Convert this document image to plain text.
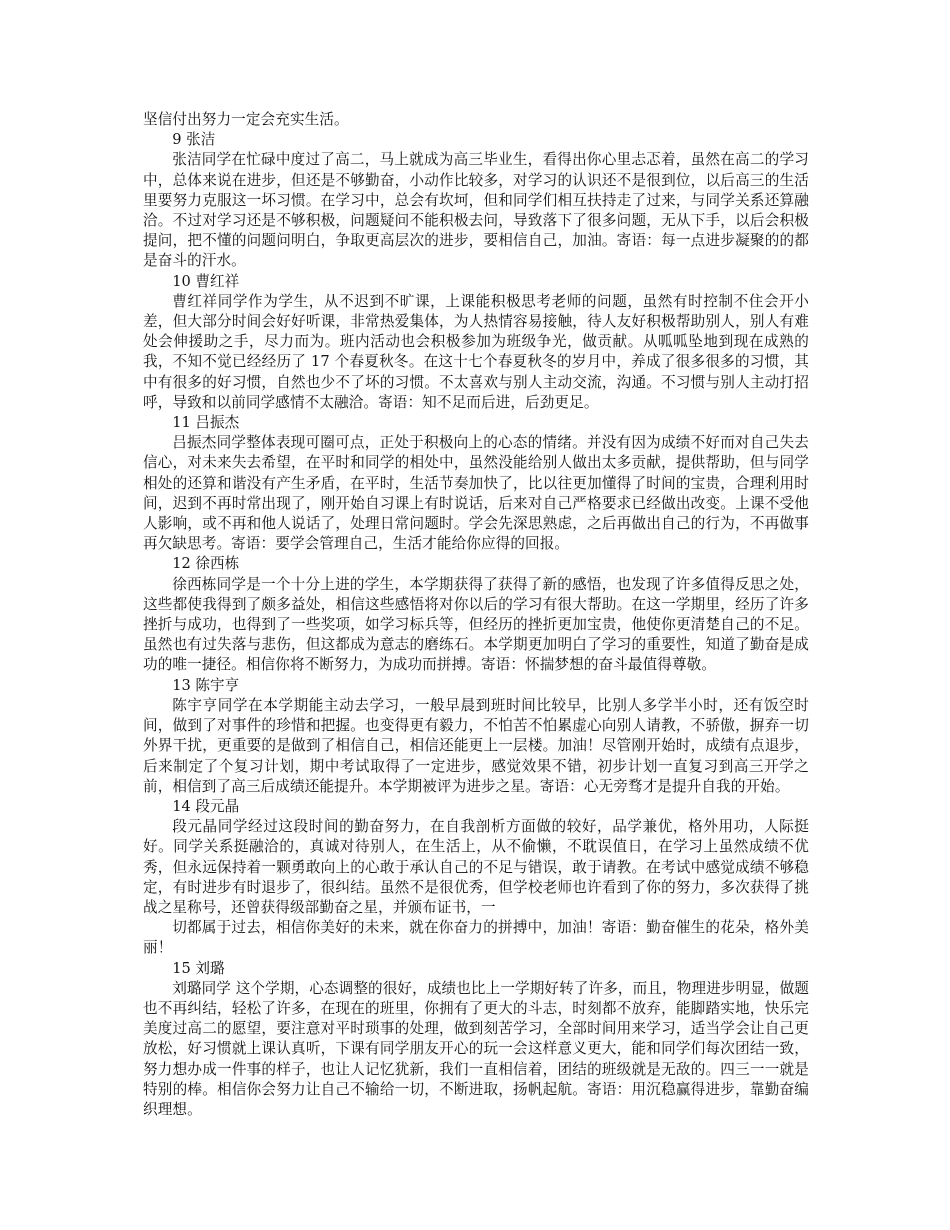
坚信付出努力一定会充实生活。

9 张洁

张洁同学在忙碌中度过了高二，马上就成为高三毕业生，看得出你心里忐忑着，虽然在高二的学习中，总体来说在进步，但还是不够勤奋，小动作比较多，对学习的认识还不是很到位，以后高三的生活里要努力克服这一坏习惯。在学习中，总会有坎坷，但和同学们相互扶持走了过来，与同学关系还算融洽。不过对学习还是不够积极，问题疑问不能积极去问，导致落下了很多问题，无从下手，以后会积极提问，把不懂的问题问明白，争取更高层次的进步，要相信自己，加油。寄语：每一点进步凝聚的的都是奋斗的汗水。

10 曹红祥

曹红祥同学作为学生，从不迟到不旷课，上课能积极思考老师的问题，虽然有时控制不住会开小差，但大部分时间会好好听课，非常热爱集体，为人热情容易接触，待人友好积极帮助别人，别人有难处会伸援助之手，尽力而为。班内活动也会积极参加为班级争光，做贡献。从呱呱坠地到现在成熟的我，不知不觉已经经历了 17 个春夏秋冬。在这十七个春夏秋冬的岁月中，养成了很多很多的习惯，其中有很多的好习惯，自然也少不了坏的习惯。不太喜欢与别人主动交流，沟通。不习惯与别人主动打招呼，导致和以前同学感情不太融洽。寄语：知不足而后进，后劲更足。

11 吕振杰

吕振杰同学整体表现可圈可点，正处于积极向上的心态的情绪。并没有因为成绩不好而对自己失去信心，对未来失去希望，在平时和同学的相处中，虽然没能给别人做出太多贡献，提供帮助，但与同学相处的还算和谐没有产生矛盾，在平时，生活节奏加快了，比以往更加懂得了时间的宝贵，合理利用时间，迟到不再时常出现了，刚开始自习课上有时说话，后来对自己严格要求已经做出改变。上课不受他人影响，或不再和他人说话了，处理日常问题时。学会先深思熟虑，之后再做出自己的行为，不再做事再欠缺思考。寄语：要学会管理自己，生活才能给你应得的回报。

12 徐西栋

徐西栋同学是一个十分上进的学生，本学期获得了获得了新的感悟，也发现了许多值得反思之处，这些都使我得到了颇多益处，相信这些感悟将对你以后的学习有很大帮助。在这一学期里，经历了许多挫折与成功，也得到了一些奖项，如学习标兵等，但经历的挫折更加宝贵，他使你更清楚自己的不足。虽然也有过失落与悲伤，但这都成为意志的磨练石。本学期更加明白了学习的重要性，知道了勤奋是成功的唯一捷径。相信你将不断努力，为成功而拼搏。寄语：怀揣梦想的奋斗最值得尊敬。

13 陈宇亨

陈宇亨同学在本学期能主动去学习，一般早晨到班时间比较早，比别人多学半小时，还有饭空时间，做到了对事件的珍惜和把握。也变得更有毅力，不怕苦不怕累虚心向别人请教，不骄傲，摒弃一切外界干扰，更重要的是做到了相信自己，相信还能更上一层楼。加油！尽管刚开始时，成绩有点退步，后来制定了个复习计划，期中考试取得了一定进步，感觉效果不错，初步计划一直复习到高三开学之前，相信到了高三后成绩还能提升。本学期被评为进步之星。寄语：心无旁骛才是提升自我的开始。

14 段元晶

段元晶同学经过这段时间的勤奋努力，在自我剖析方面做的较好，品学兼优，格外用功，人际挺好。同学关系挺融洽的，真诚对待别人，在生活上，从不偷懒，不耽误值日，在学习上虽然成绩不优秀，但永远保持着一颗勇敢向上的心敢于承认自己的不足与错误，敢于请教。在考试中感觉成绩不够稳定，有时进步有时退步了，很纠结。虽然不是很优秀，但学校老师也许看到了你的努力，多次获得了挑战之星称号，还曾获得级部勤奋之星，并颁布证书，一

切都属于过去，相信你美好的未来，就在你奋力的拼搏中，加油！寄语：勤奋催生的花朵，格外美丽！

15 刘璐

刘璐同学 这个学期，心态调整的很好，成绩也比上一学期好转了许多，而且，物理进步明显，做题也不再纠结，轻松了许多，在现在的班里，你拥有了更大的斗志，时刻都不放弃，能脚踏实地，快乐完美度过高二的愿望，要注意对平时琐事的处理，做到刻苦学习，全部时间用来学习，适当学会让自己更放松，好习惯就上课认真听，下课有同学朋友开心的玩一会这样意义更大，能和同学们每次团结一致，努力想办成一件事的样子，也让人记忆犹新，我们一直相信着，团结的班级就是无敌的。四三一一就是特别的棒。相信你会努力让自己不输给一切，不断进取，扬帆起航。寄语：用沉稳赢得进步，靠勤奋编织理想。
